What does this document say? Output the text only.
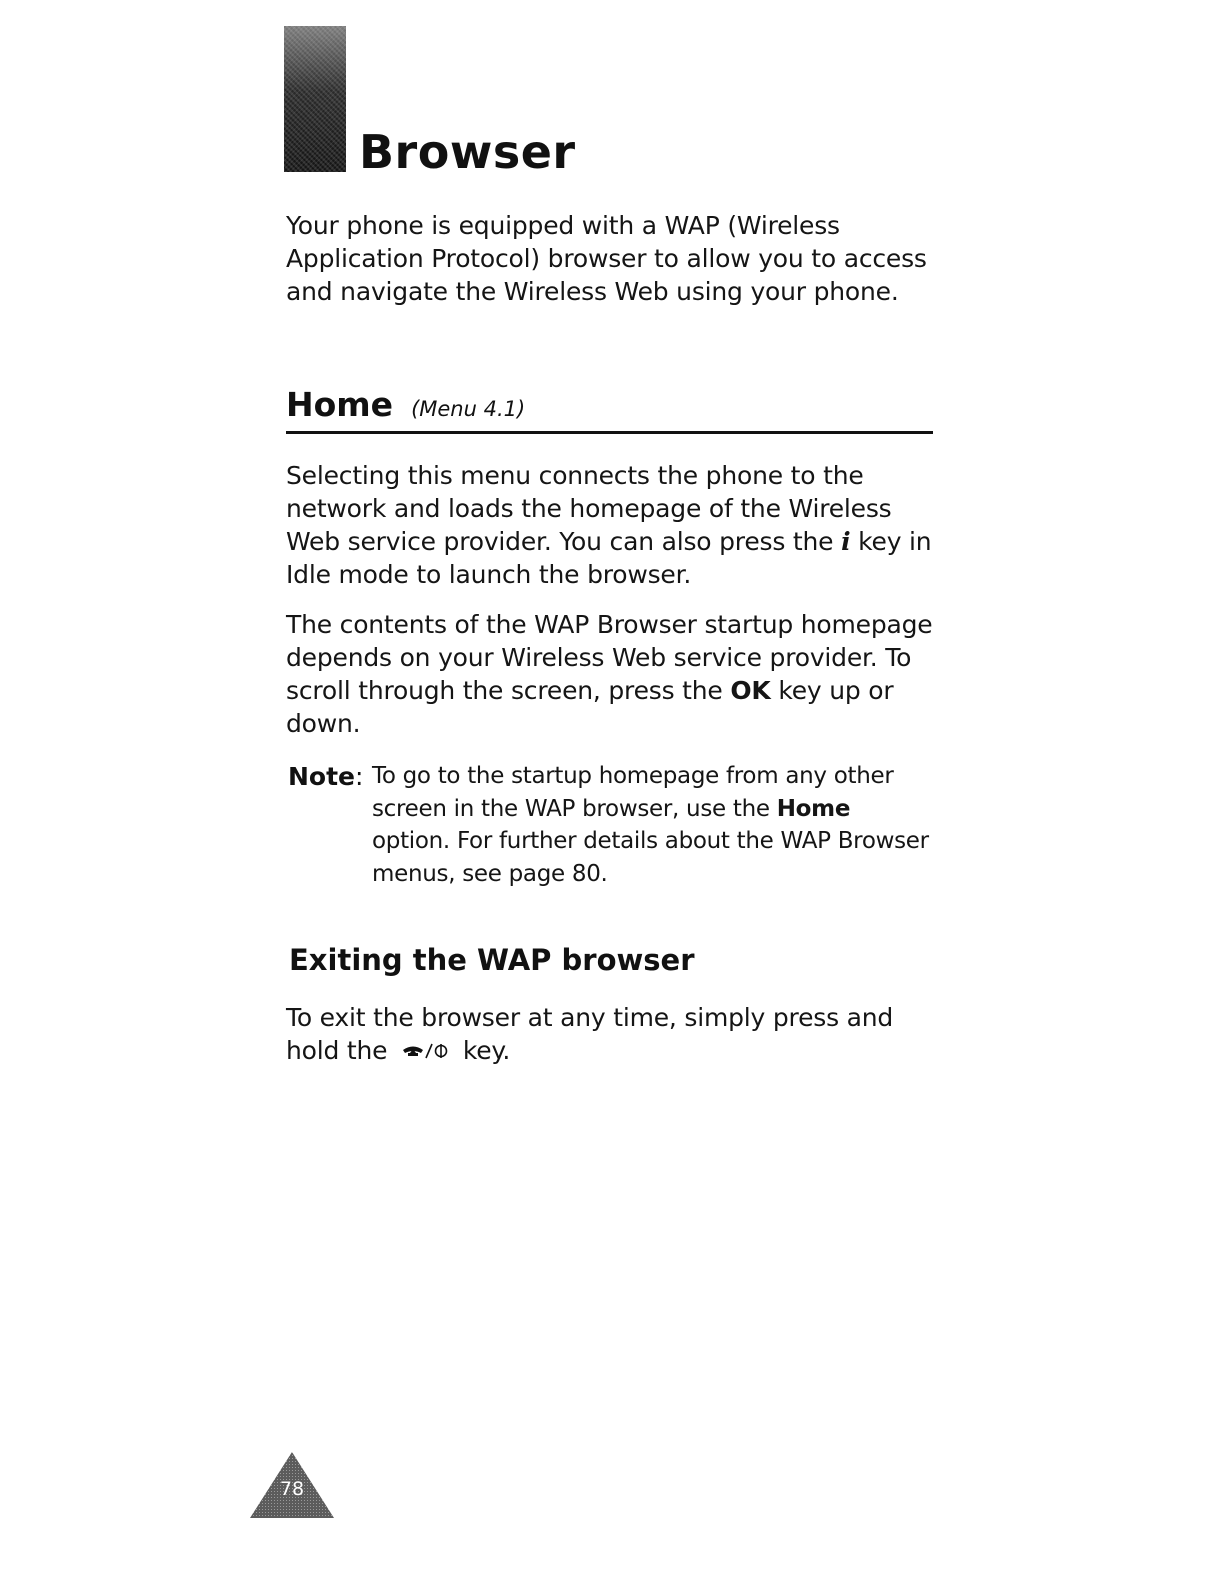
Browser

Your phone is equipped with a WAP (Wireless Application Protocol) browser to allow you to access and navigate the Wireless Web using your phone.

Home (Menu 4.1)

Selecting this menu connects the phone to the network and loads the homepage of the Wireless Web service provider. You can also press the i key in Idle mode to launch the browser.

The contents of the WAP Browser startup homepage depends on your Wireless Web service provider. To scroll through the screen, press the OK key up or down.

Note: To go to the startup homepage from any other screen in the WAP browser, use the Home option. For further details about the WAP Browser menus, see page 80.

Exiting the WAP browser

To exit the browser at any time, simply press and hold the  key.

78
